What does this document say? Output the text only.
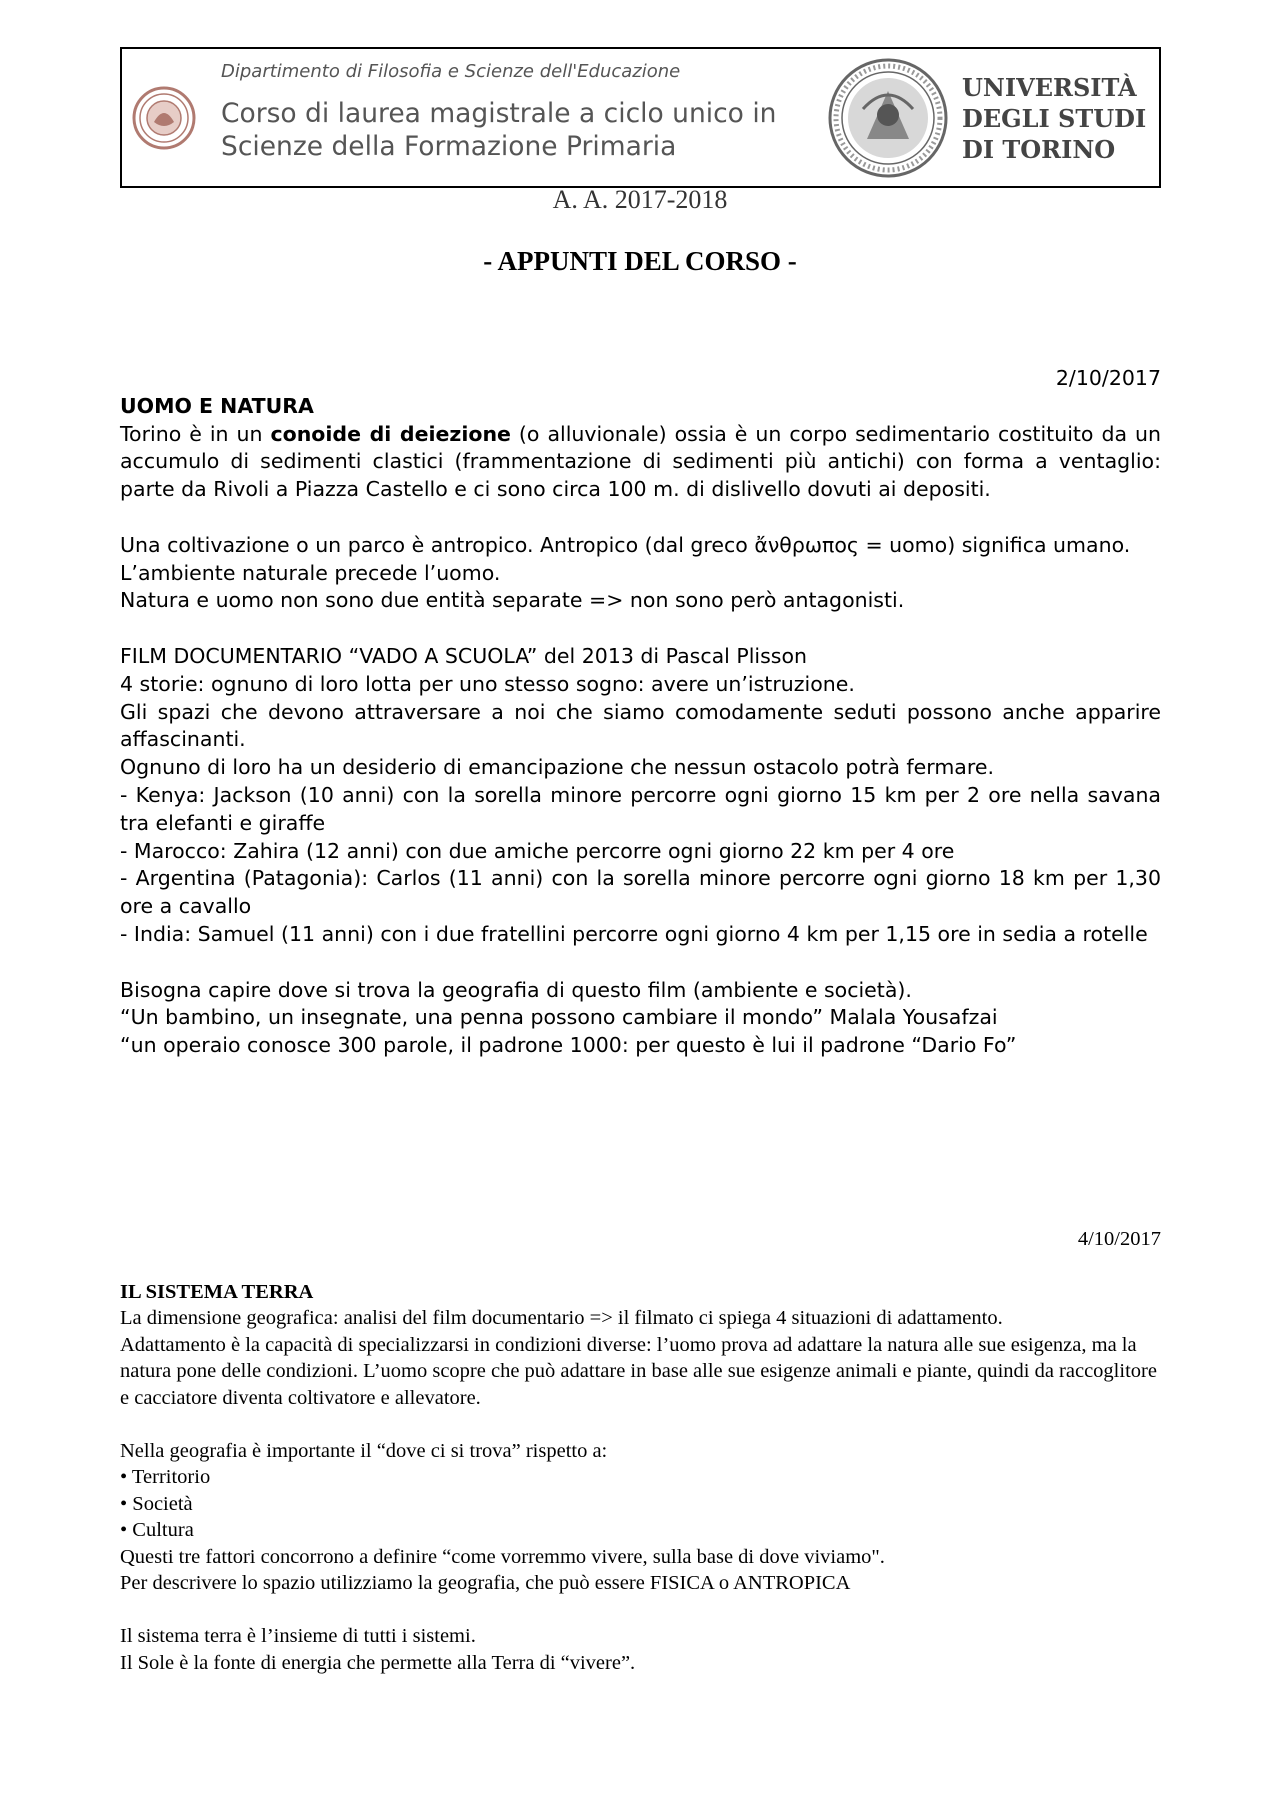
Dipartimento di Filosofia e Scienze dell'Educazione
Corso di laurea magistrale a ciclo unico in
Scienze della Formazione Primaria
UNIVERSITÀ
DEGLI STUDI
DI TORINO
A. A. 2017-2018
- APPUNTI DEL CORSO -

2/10/2017

UOMO E NATURA

Torino è in un conoide di deiezione (o alluvionale) ossia è un corpo sedimentario costituito da un accumulo di sedimenti clastici (frammentazione di sedimenti più antichi) con forma a ventaglio: parte da Rivoli a Piazza Castello e ci sono circa 100 m. di dislivello dovuti ai depositi.

Una coltivazione o un parco è antropico. Antropico (dal greco ἄνθρωπος = uomo) significa umano.

L’ambiente naturale precede l’uomo.

Natura e uomo non sono due entità separate => non sono però antagonisti.

FILM DOCUMENTARIO “VADO A SCUOLA” del 2013 di Pascal Plisson

4 storie: ognuno di loro lotta per uno stesso sogno: avere un’istruzione.

Gli spazi che devono attraversare a noi che siamo comodamente seduti possono anche apparire affascinanti.

Ognuno di loro ha un desiderio di emancipazione che nessun ostacolo potrà fermare.

- Kenya: Jackson (10 anni) con la sorella minore percorre ogni giorno 15 km per 2 ore nella savana tra elefanti e giraffe

- Marocco: Zahira (12 anni) con due amiche percorre ogni giorno 22 km per 4 ore

- Argentina (Patagonia): Carlos (11 anni) con la sorella minore percorre ogni giorno 18 km per 1,30 ore a cavallo

- India: Samuel (11 anni) con i due fratellini percorre ogni giorno 4 km per 1,15 ore in sedia a rotelle

Bisogna capire dove si trova la geografia di questo film (ambiente e società).

“Un bambino, un insegnate, una penna possono cambiare il mondo” Malala Yousafzai

“un operaio conosce 300 parole, il padrone 1000: per questo è lui il padrone “Dario Fo”

4/10/2017

IL SISTEMA TERRA

La dimensione geografica: analisi del film documentario => il filmato ci spiega 4 situazioni di adattamento.

Adattamento è la capacità di specializzarsi in condizioni diverse: l’uomo prova ad adattare la natura alle sue esigenza, ma la natura pone delle condizioni. L’uomo scopre che può adattare in base alle sue esigenze animali e piante, quindi da raccoglitore e cacciatore diventa coltivatore e allevatore.

Nella geografia è importante il “dove ci si trova” rispetto a:

• Territorio

• Società

• Cultura

Questi tre fattori concorrono a definire “come vorremmo vivere, sulla base di dove viviamo".

Per descrivere lo spazio utilizziamo la geografia, che può essere FISICA o ANTROPICA

Il sistema terra è l’insieme di tutti i sistemi.

Il Sole è la fonte di energia che permette alla Terra di “vivere”.
